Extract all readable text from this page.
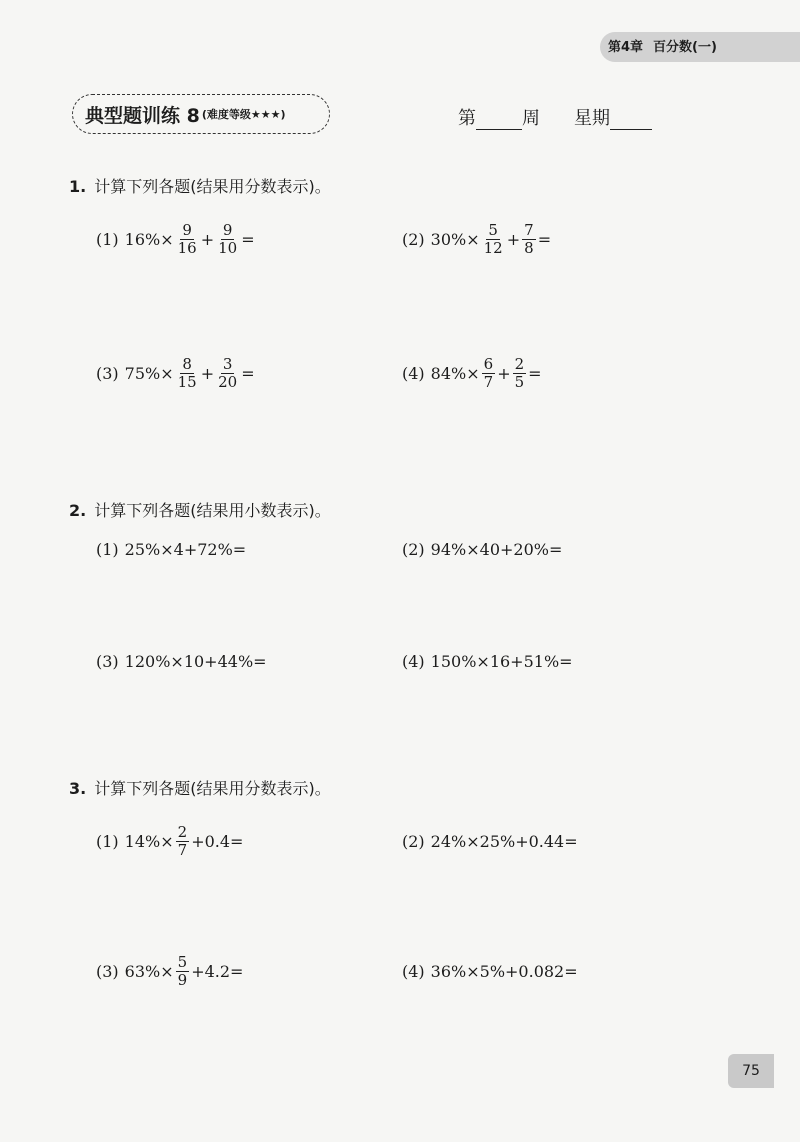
第4章 百分数(一)
典型题训练 8 (难度等级★★★)	第	周 星期
1. 计算下列各题(结果用分数表示)。
(1) $16\%\times \frac{9}{16} + \frac{9}{10}$ =	(2) $30\%\times \frac{5}{12} + \frac{7}{8}$ =
(3) $75\%\times \frac{8}{15} + \frac{3}{20}$ =	(4) $84\%\times \frac{6}{7} + \frac{2}{5}$ =
2. 计算下列各题(结果用小数表示)。
(1) 25%×4+72%=	(2) 94%×40+20%=
(3) 120%×10+44%=	(4) 150%×16+51%=
3. 计算下列各题(结果用分数表示)。
(1) $14\%\times \frac{2}{7} +0.4=$	(2) 24%×25%+0.44=
(3) $63\%\times \frac{5}{9} +4.2=$	(4) 36%×5%+0.082=
75
